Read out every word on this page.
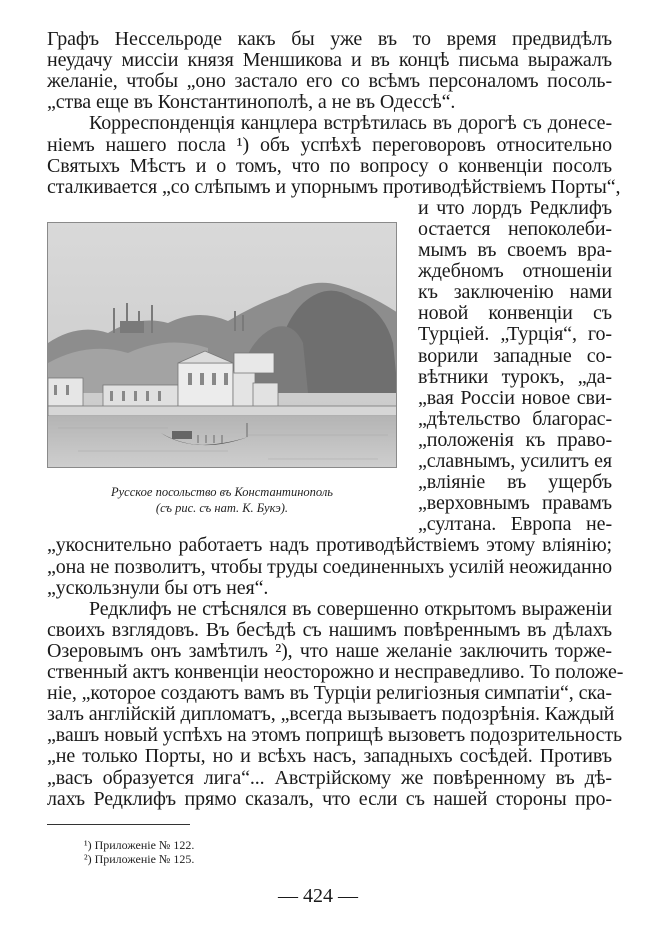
Графъ Нессельроде какъ бы уже въ то время предвидѣлъ
неудачу миссіи князя Меншикова и въ концѣ письма выражалъ
желаніе, чтобы „оно застало его со всѣмъ персоналомъ посоль-
„ства еще въ Константинополѣ, а не въ Одессѣ“.
Корреспонденція канцлера встрѣтилась въ дорогѣ съ донесе-
ніемъ нашего посла ¹) объ успѣхѣ переговоровъ относительно
Святыхъ Мѣстъ и о томъ, что по вопросу о конвенціи посолъ
сталкивается „со слѣпымъ и упорнымъ противодѣйствіемъ Порты“,
и что лордъ Редклифъ
остается непоколеби-
мымъ въ своемъ вра-
ждебномъ отношеніи
къ заключенію нами
новой конвенціи съ
Турціей. „Турція“, го-
ворили западные со-
вѣтники турокъ, „да-
„вая Россіи новое сви-
„дѣтельство благорас-
„положенія къ право-
„славнымъ, усилитъ ея
„вліяніе въ ущербъ
„верховнымъ правамъ
„султана. Европа не-
„укоснительно работаетъ надъ противодѣйствіемъ этому вліянію;
„она не позволитъ, чтобы труды соединенныхъ усилій неожиданно
„ускользнули бы отъ нея“.
Редклифъ не стѣснялся въ совершенно открытомъ выраженіи
своихъ взглядовъ. Въ бесѣдѣ съ нашимъ повѣреннымъ въ дѣлахъ
Озеровымъ онъ замѣтилъ ²), что наше желаніе заключить торже-
ственный актъ конвенціи неосторожно и несправедливо. То положе-
ніе, „которое создаютъ вамъ въ Турціи религіозныя симпатіи“, ска-
залъ англійскій дипломатъ, „всегда вызываетъ подозрѣнія. Каждый
„вашъ новый успѣхъ на этомъ поприщѣ вызоветъ подозрительность
„не только Порты, но и всѣхъ насъ, западныхъ сосѣдей. Противъ
„васъ образуется лига“... Австрійскому же повѣренному въ дѣ-
лахъ Редклифъ прямо сказалъ, что если съ нашей стороны про-
Русское посольство въ Константинополь
(съ рис. съ нат. К. Букэ).
¹) Приложеніе № 122.
²) Приложеніе № 125.
— 424 —
